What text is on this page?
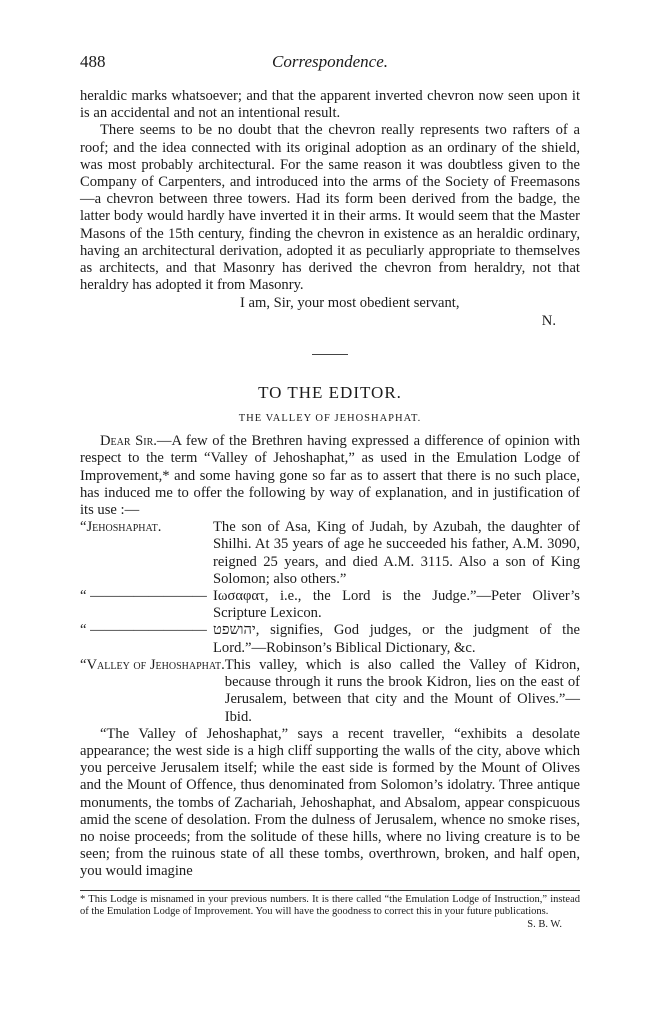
488	Correspondence.

heraldic marks whatsoever; and that the apparent inverted chevron now seen upon it is an accidental and not an intentional result.

There seems to be no doubt that the chevron really represents two rafters of a roof; and the idea connected with its original adoption as an ordinary of the shield, was most probably architectural. For the same reason it was doubtless given to the Company of Carpenters, and introduced into the arms of the Society of Freemasons—a chevron between three towers. Had its form been derived from the badge, the latter body would hardly have inverted it in their arms. It would seem that the Master Masons of the 15th century, finding the chevron in existence as an heraldic ordinary, having an architectural derivation, adopted it as peculiarly appropriate to themselves as architects, and that Masonry has derived the chevron from heraldry, not that heraldry has adopted it from Masonry.

I am, Sir, your most obedient servant,

N.

TO THE EDITOR.
THE VALLEY OF JEHOSHAPHAT.

Dear Sir.—A few of the Brethren having expressed a difference of opinion with respect to the term “Valley of Jehoshaphat,” as used in the Emulation Lodge of Improvement,* and some having gone so far as to assert that there is no such place, has induced me to offer the following by way of explanation, and in justification of its use :—

“Jehoshaphat.	The son of Asa, King of Judah, by Azubah, the daughter of Shilhi. At 35 years of age he succeeded his father, A.M. 3090, reigned 25 years, and died A.M. 3115. Also a son of King Solomon; also others.”
“ ———————— Ιωσαφατ, i.e., the Lord is the Judge.”—Peter Oliver’s Scripture Lexicon.
“ ———————— יהושפט, signifies, God judges, or the judgment of the Lord.”—Robinson’s Biblical Dictionary, &c.
“Valley of Jehoshaphat. This valley, which is also called the Valley of Kidron, because through it runs the brook Kidron, lies on the east of Jerusalem, between that city and the Mount of Olives.”—Ibid.

“The Valley of Jehoshaphat,” says a recent traveller, “exhibits a desolate appearance; the west side is a high cliff supporting the walls of the city, above which you perceive Jerusalem itself; while the east side is formed by the Mount of Olives and the Mount of Offence, thus denominated from Solomon’s idolatry. Three antique monuments, the tombs of Zachariah, Jehoshaphat, and Absalom, appear conspicuous amid the scene of desolation. From the dulness of Jerusalem, whence no smoke rises, no noise proceeds; from the solitude of these hills, where no living creature is to be seen; from the ruinous state of all these tombs, overthrown, broken, and half open, you would imagine

* This Lodge is misnamed in your previous numbers. It is there called “the Emulation Lodge of Instruction,” instead of the Emulation Lodge of Improvement. You will have the goodness to correct this in your future publications.
S. B. W.
